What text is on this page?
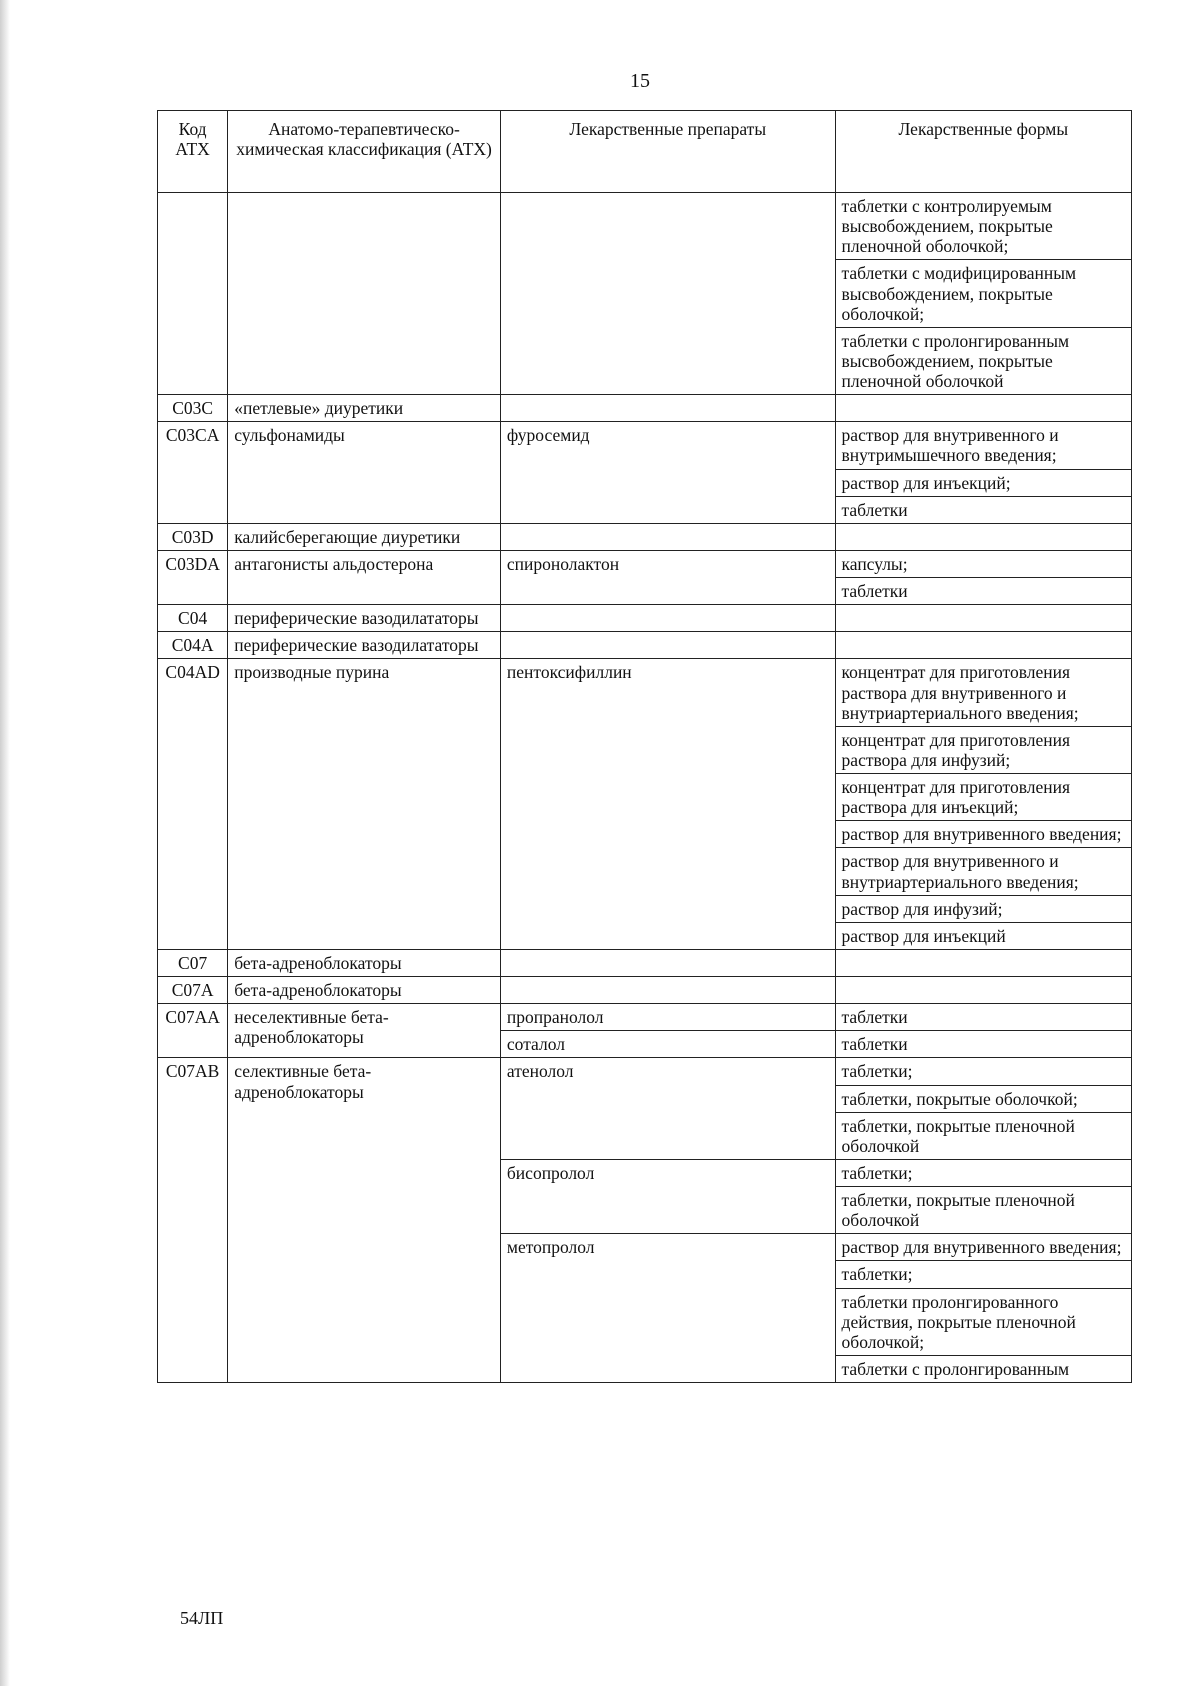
15
Код АТХ	Анатомо-терапевтическо-химическая классификация (АТХ)	Лекарственные препараты	Лекарственные формы
			таблетки с контролируемым высвобождением, покрытые пленочной оболочкой;
			таблетки с модифицированным высвобождением, покрытые оболочкой;
			таблетки с пролонгированным высвобождением, покрытые пленочной оболочкой
C03C	«петлевые» диуретики		
C03CA	сульфонамиды	фуросемид	раствор для внутривенного и внутримышечного введения;
			раствор для инъекций;
			таблетки
C03D	калийсберегающие диуретики		
C03DA	антагонисты альдостерона	спиронолактон	капсулы;
			таблетки
C04	периферические вазодилататоры		
C04A	периферические вазодилататоры		
C04AD	производные пурина	пентоксифиллин	концентрат для приготовления раствора для внутривенного и внутриартериального введения;
			концентрат для приготовления раствора для инфузий;
			концентрат для приготовления раствора для инъекций;
			раствор для внутривенного введения;
			раствор для внутривенного и внутриартериального введения;
			раствор для инфузий;
			раствор для инъекций
C07	бета-адреноблокаторы		
C07A	бета-адреноблокаторы		
C07AA	неселективные бета-адреноблокаторы	пропранолол	таблетки
		соталол	таблетки
C07AB	селективные бета-адреноблокаторы	атенолол	таблетки;
			таблетки, покрытые оболочкой;
			таблетки, покрытые пленочной оболочкой
		бисопролол	таблетки;
			таблетки, покрытые пленочной оболочкой
		метопролол	раствор для внутривенного введения;
			таблетки;
			таблетки пролонгированного действия, покрытые пленочной оболочкой;
			таблетки с пролонгированным
54ЛП
